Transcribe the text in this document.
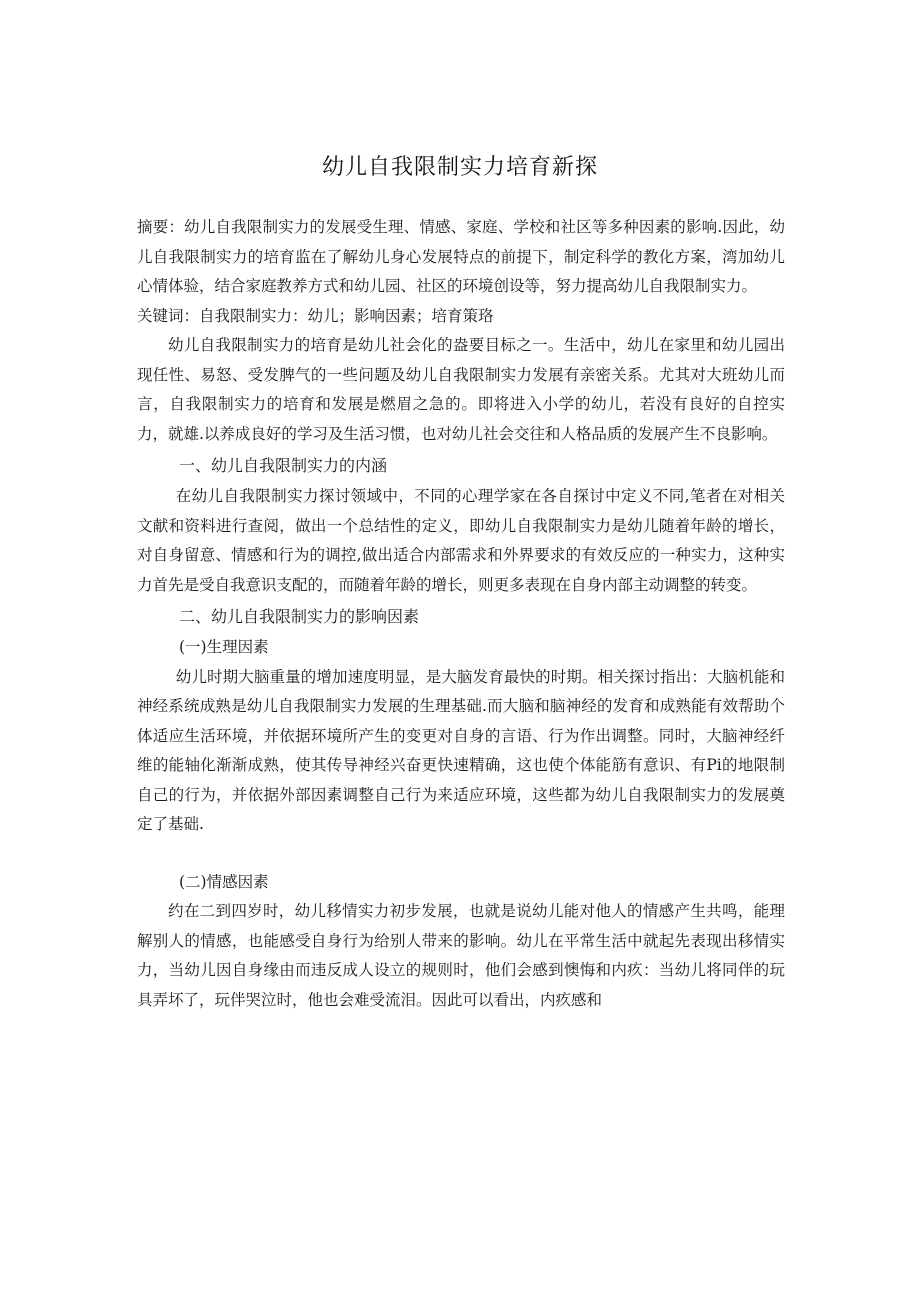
幼儿自我限制实力培育新探

摘要：幼儿自我限制实力的发展受生理、情感、家庭、学校和社区等多种因素的影响.因此，幼儿自我限制实力的培育监在了解幼儿身心发展特点的前提下，制定科学的教化方案，湾加幼儿心情体验，结合家庭教养方式和幼儿园、社区的环境创设等，努力提高幼儿自我限制实力。

关键词：自我限制实力：幼儿；影响因素；培育策珞

幼儿自我限制实力的培育是幼儿社会化的盎要目标之一。生活中，幼儿在家里和幼儿园出现任性、易怒、受发脾气的一些问题及幼儿自我限制实力发展有亲密关系。尤其对大班幼儿而言，自我限制实力的培育和发展是燃眉之急的。即将进入小学的幼儿，若没有良好的自控实力，就雄.以养成良好的学习及生活习惯，也对幼儿社会交往和人格品质的发展产生不良影响。

一、幼儿自我限制实力的内涵

在幼儿自我限制实力探讨领域中，不同的心理学家在各自探讨中定义不同,笔者在对相关文献和资料进行查阅，做出一个总结性的定义，即幼儿自我限制实力是幼儿随着年龄的增长，对自身留意、情感和行为的调控,做出适合内部需求和外界要求的有效反应的一种实力，这种实力首先是受自我意识支配的，而随着年龄的增长，则更多表现在自身内部主动调整的转变。

二、幼儿自我限制实力的影响因素

(一)生理因素

幼儿时期大脑重量的增加速度明显，是大脑发育最快的时期。相关探讨指出：大脑机能和神经系统成熟是幼儿自我限制实力发展的生理基础.而大脑和脑神经的发育和成熟能有效帮助个体适应生活环境，并依据环境所产生的变更对自身的言语、行为作出调整。同时，大脑神经纤维的能轴化渐渐成熟，使其传导神经兴奋更快速精确，这也使个体能筋有意识、有Pi的地限制自己的行为，并依据外部因素调整自己行为来适应环境，这些都为幼儿自我限制实力的发展奠定了基础.

(二)情感因素

约在二到四岁时，幼儿移情实力初步发展，也就是说幼儿能对他人的情感产生共鸣，能理解别人的情感，也能感受自身行为给别人带来的影响。幼儿在平常生活中就起先表现出移情实力，当幼儿因自身缘由而违反成人设立的规则时，他们会感到懊悔和内疚：当幼儿将同伴的玩具弄坏了，玩伴哭泣时，他也会难受流泪。因此可以看出，内疚感和
